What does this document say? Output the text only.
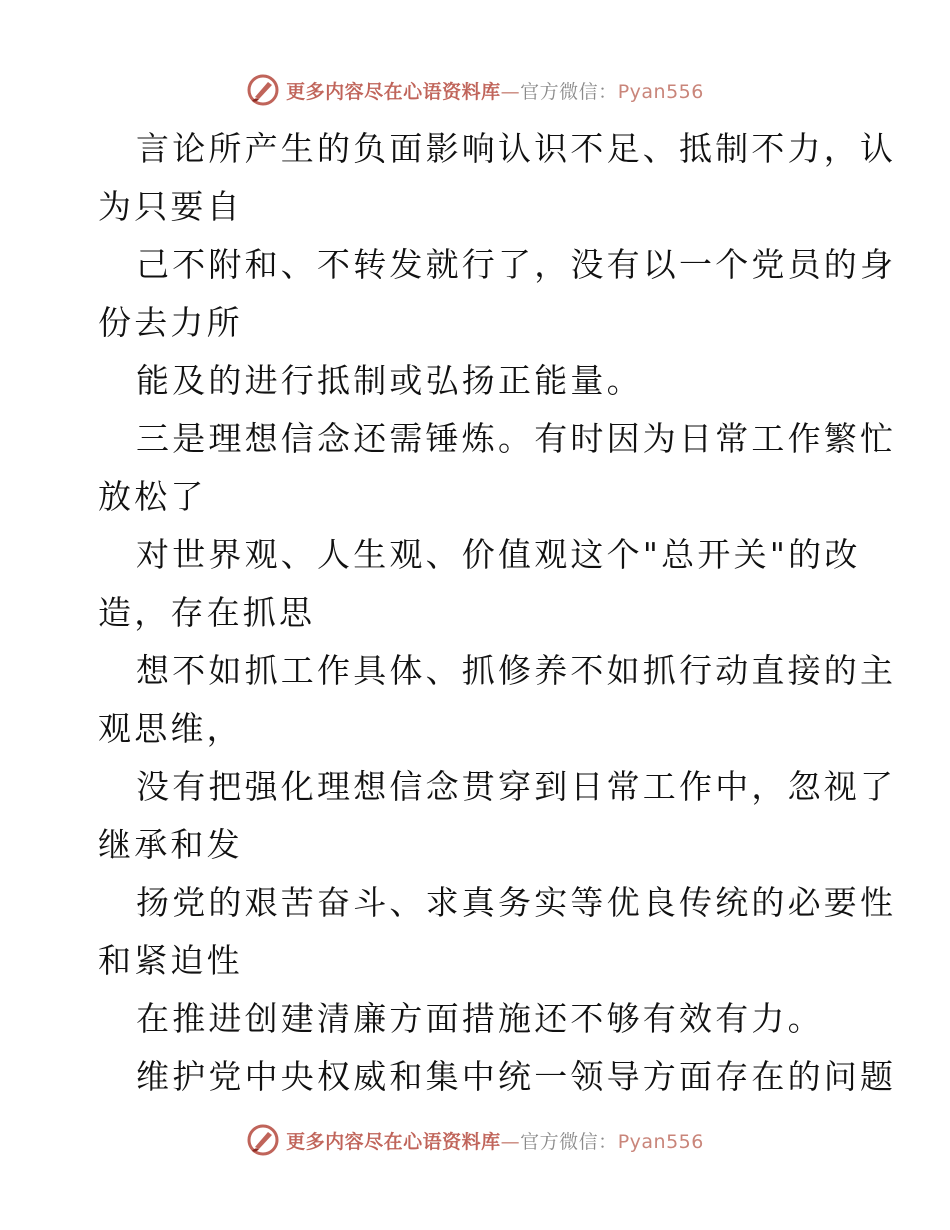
更多内容尽在心语资料库—官方微信：Pyan556
言论所产生的负面影响认识不足、抵制不力，认
为只要自
己不附和、不转发就行了，没有以一个党员的身
份去力所
能及的进行抵制或弘扬正能量。
三是理想信念还需锤炼。有时因为日常工作繁忙
放松了
对世界观、人生观、价值观这个"总开关"的改
造，存在抓思
想不如抓工作具体、抓修养不如抓行动直接的主
观思维，
没有把强化理想信念贯穿到日常工作中，忽视了
继承和发
扬党的艰苦奋斗、求真务实等优良传统的必要性
和紧迫性
在推进创建清廉方面措施还不够有效有力。
维护党中央权威和集中统一领导方面存在的问题
更多内容尽在心语资料库—官方微信：Pyan556
